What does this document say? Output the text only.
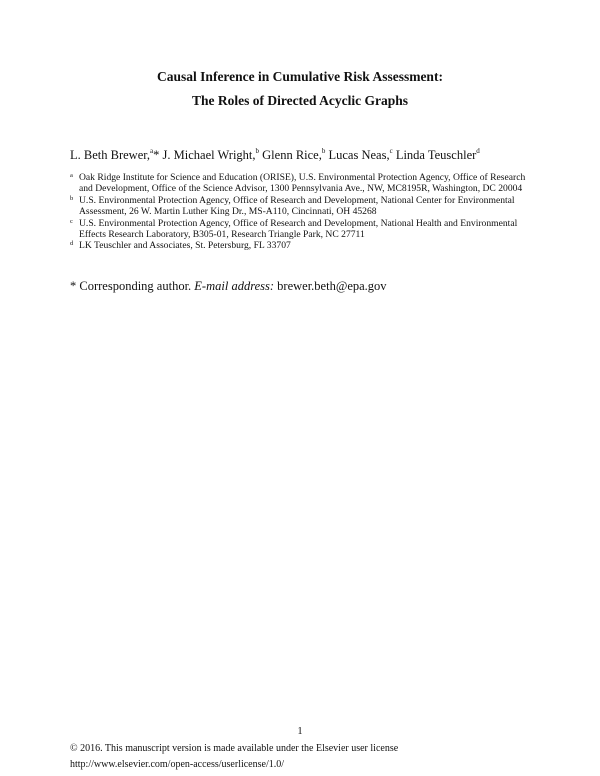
Causal Inference in Cumulative Risk Assessment:
The Roles of Directed Acyclic Graphs
L. Beth Brewer,$^a$* J. Michael Wright,$^b$ Glenn Rice,$^b$ Lucas Neas,$^c$ Linda Teuschler$^d$

a Oak Ridge Institute for Science and Education (ORISE), U.S. Environmental Protection Agency, Office of Research and Development, Office of the Science Advisor, 1300 Pennsylvania Ave., NW, MC8195R, Washington, DC 20004

b U.S. Environmental Protection Agency, Office of Research and Development, National Center for Environmental Assessment, 26 W. Martin Luther King Dr., MS-A110, Cincinnati, OH 45268

c U.S. Environmental Protection Agency, Office of Research and Development, National Health and Environmental Effects Research Laboratory, B305-01, Research Triangle Park, NC 27711

d LK Teuschler and Associates, St. Petersburg, FL 33707

* Corresponding author. E-mail address: brewer.beth@epa.gov
1
© 2016. This manuscript version is made available under the Elsevier user license
http://www.elsevier.com/open-access/userlicense/1.0/
